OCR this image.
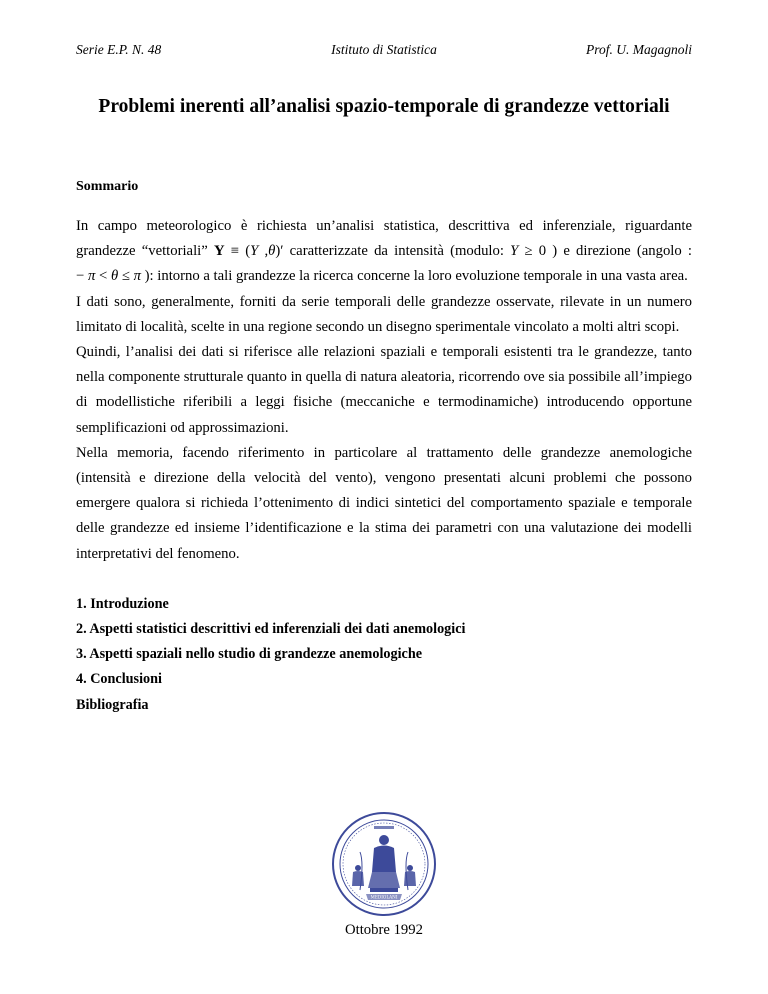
Serie E.P. N. 48	Istituto di Statistica	Prof. U. Magagnoli
Problemi inerenti all’analisi spazio-temporale di grandezze vettoriali
Sommario

In campo meteorologico è richiesta un’analisi statistica, descrittiva ed inferenziale, riguardante grandezze “vettoriali” Y ≡ (Y ,θ)′ caratterizzate da intensità (modulo: Y ≥ 0 ) e direzione (angolo : − π < θ ≤ π ): intorno a tali grandezze la ricerca concerne la loro evoluzione temporale in una vasta area.

I dati sono, generalmente, forniti da serie temporali delle grandezze osservate, rilevate in un numero limitato di località, scelte in una regione secondo un disegno sperimentale vincolato a molti altri scopi.

Quindi, l’analisi dei dati si riferisce alle relazioni spaziali e temporali esistenti tra le grandezze, tanto nella componente strutturale quanto in quella di natura aleatoria, ricorrendo ove sia possibile all’impiego di modellistiche riferibili a leggi fisiche (meccaniche e termodinamiche) introducendo opportune semplificazioni od approssimazioni.

Nella memoria, facendo riferimento in particolare al trattamento delle grandezze anemologiche (intensità e direzione della velocità del vento), vengono presentati alcuni problemi che possono emergere qualora si richieda l’ottenimento di indici sintetici del comportamento spaziale e temporale delle grandezze ed insieme l’identificazione e la stima dei parametri con una valutazione dei modelli interpretativi del fenomeno.

1. Introduzione
2. Aspetti statistici descrittivi ed inferenziali dei dati anemologici
3. Aspetti spaziali nello studio di grandezze anemologiche
4. Conclusioni
Bibliografia
MEDIOLANI
Ottobre 1992
